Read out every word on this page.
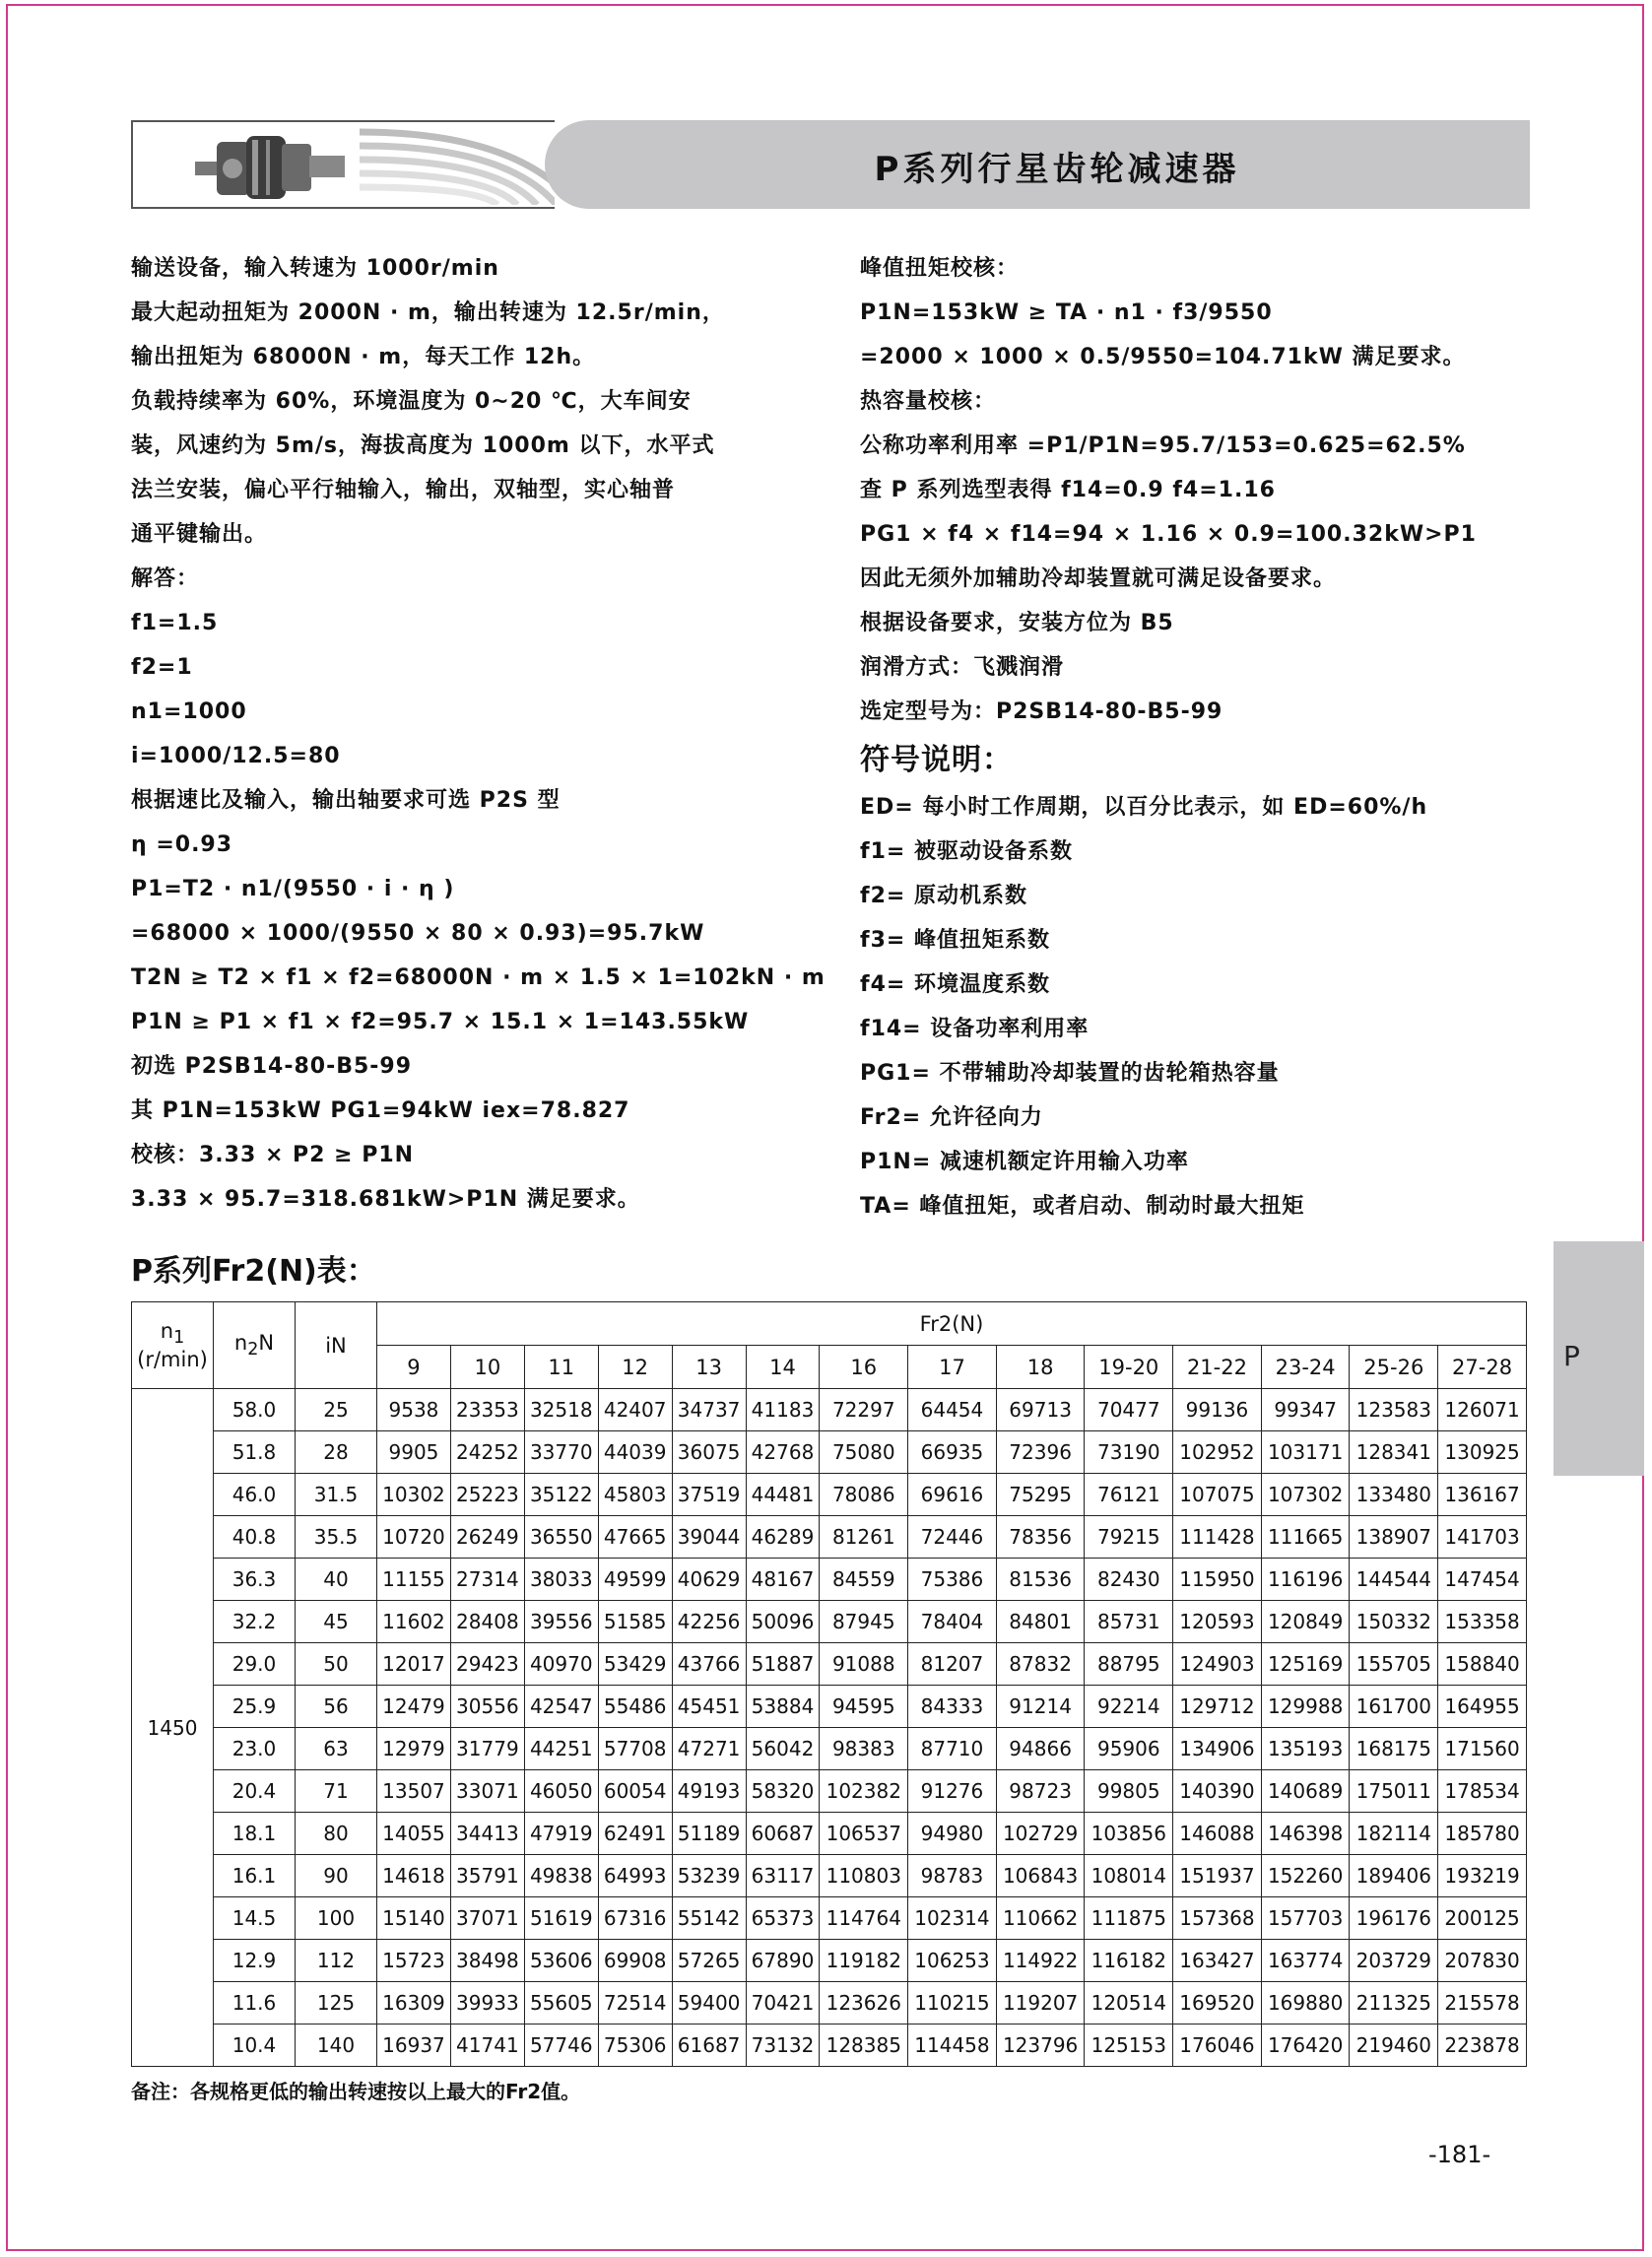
P系列行星齿轮减速器
输送设备，输入转速为 1000r/min
最大起动扭矩为 2000N · m，输出转速为 12.5r/min，
输出扭矩为 68000N · m，每天工作 12h。
负载持续率为 60%，环境温度为 0~20 ℃，大车间安
装，风速约为 5m/s，海拔高度为 1000m 以下，水平式
法兰安装，偏心平行轴输入，输出，双轴型，实心轴普
通平键输出。
解答：
f1=1.5
f2=1
n1=1000
i=1000/12.5=80
根据速比及输入，输出轴要求可选 P2S 型
η =0.93
P1=T2 · n1/(9550 · i · η )
=68000 × 1000/(9550 × 80 × 0.93)=95.7kW
T2N ≥ T2 × f1 × f2=68000N · m × 1.5 × 1=102kN · m
P1N ≥ P1 × f1 × f2=95.7 × 15.1 × 1=143.55kW
初选 P2SB14-80-B5-99
其 P1N=153kW PG1=94kW iex=78.827
校核：3.33 × P2 ≥ P1N
3.33 × 95.7=318.681kW>P1N 满足要求。
峰值扭矩校核：
P1N=153kW ≥ TA · n1 · f3/9550
=2000 × 1000 × 0.5/9550=104.71kW 满足要求。
热容量校核：
公称功率利用率 =P1/P1N=95.7/153=0.625=62.5%
查 P 系列选型表得 f14=0.9 f4=1.16
PG1 × f4 × f14=94 × 1.16 × 0.9=100.32kW>P1
因此无须外加辅助冷却装置就可满足设备要求。
根据设备要求，安装方位为 B5
润滑方式：飞溅润滑
选定型号为：P2SB14-80-B5-99
符号说明：
ED= 每小时工作周期，以百分比表示，如 ED=60%/h
f1= 被驱动设备系数
f2= 原动机系数
f3= 峰值扭矩系数
f4= 环境温度系数
f14= 设备功率利用率
PG1= 不带辅助冷却装置的齿轮箱热容量
Fr2= 允许径向力
P1N= 减速机额定许用输入功率
TA= 峰值扭矩，或者启动、制动时最大扭矩
P系列Fr2(N)表：
P
$n_1$
(r/min)	$n_2N$	iN	Fr2(N)													
			9	10	11	12	13	14	16	17	18	19-20	21-22	23-24	25-26	27-28
1450	58.0	25	9538	23353	32518	42407	34737	41183	72297	64454	69713	70477	99136	99347	123583	126071
	51.8	28	9905	24252	33770	44039	36075	42768	75080	66935	72396	73190	102952	103171	128341	130925
	46.0	31.5	10302	25223	35122	45803	37519	44481	78086	69616	75295	76121	107075	107302	133480	136167
	40.8	35.5	10720	26249	36550	47665	39044	46289	81261	72446	78356	79215	111428	111665	138907	141703
	36.3	40	11155	27314	38033	49599	40629	48167	84559	75386	81536	82430	115950	116196	144544	147454
	32.2	45	11602	28408	39556	51585	42256	50096	87945	78404	84801	85731	120593	120849	150332	153358
	29.0	50	12017	29423	40970	53429	43766	51887	91088	81207	87832	88795	124903	125169	155705	158840
	25.9	56	12479	30556	42547	55486	45451	53884	94595	84333	91214	92214	129712	129988	161700	164955
	23.0	63	12979	31779	44251	57708	47271	56042	98383	87710	94866	95906	134906	135193	168175	171560
	20.4	71	13507	33071	46050	60054	49193	58320	102382	91276	98723	99805	140390	140689	175011	178534
	18.1	80	14055	34413	47919	62491	51189	60687	106537	94980	102729	103856	146088	146398	182114	185780
	16.1	90	14618	35791	49838	64993	53239	63117	110803	98783	106843	108014	151937	152260	189406	193219
	14.5	100	15140	37071	51619	67316	55142	65373	114764	102314	110662	111875	157368	157703	196176	200125
	12.9	112	15723	38498	53606	69908	57265	67890	119182	106253	114922	116182	163427	163774	203729	207830
	11.6	125	16309	39933	55605	72514	59400	70421	123626	110215	119207	120514	169520	169880	211325	215578
	10.4	140	16937	41741	57746	75306	61687	73132	128385	114458	123796	125153	176046	176420	219460	223878
备注：各规格更低的输出转速按以上最大的Fr2值。
-181-
